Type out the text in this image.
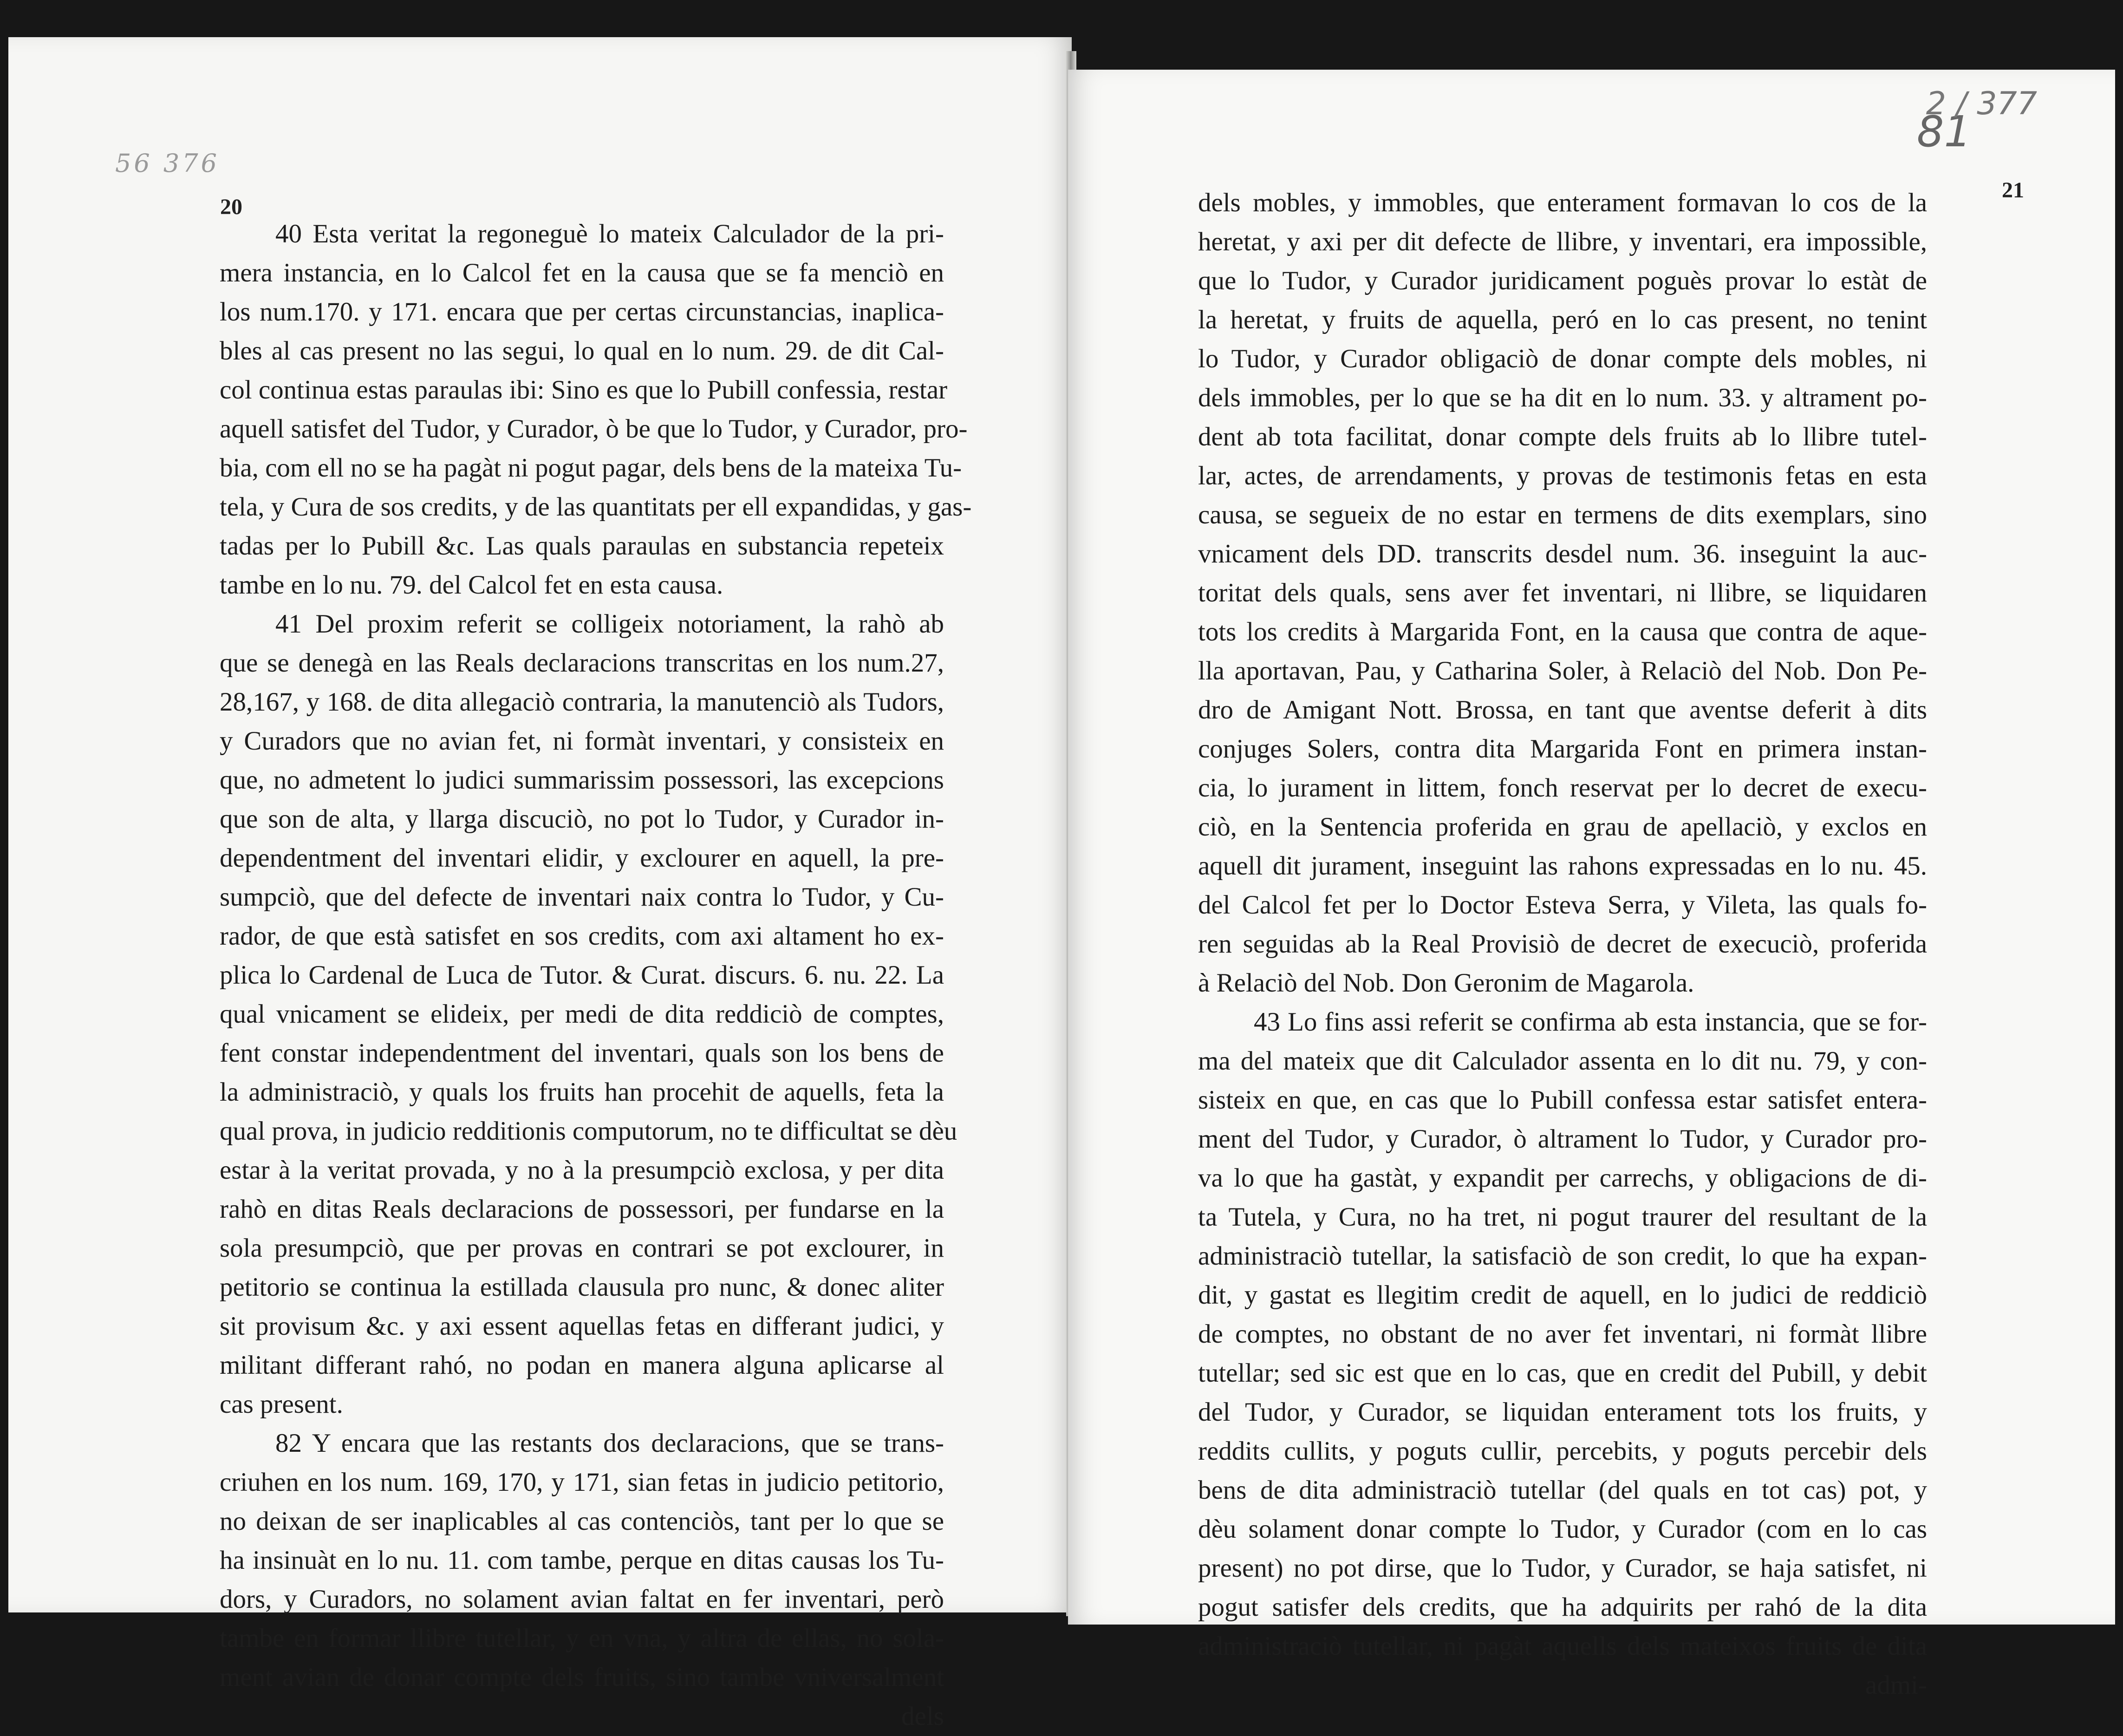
56 376
20
40 Esta veritat la regoneguè lo mateix Calculador de la pri-
mera instancia, en lo Calcol fet en la causa que se fa menciò en
los num.170. y 171. encara que per certas circunstancias, inaplica-
bles al cas present no las segui, lo qual en lo num. 29. de dit Cal-
col continua estas paraulas ibi: Sino es que lo Pubill confessia, restar
aquell satisfet del Tudor, y Curador, ò be que lo Tudor, y Curador, pro-
bia, com ell no se ha pagàt ni pogut pagar, dels bens de la mateixa Tu-
tela, y Cura de sos credits, y de las quantitats per ell expandidas, y gas-
tadas per lo Pubill &c. Las quals paraulas en substancia repeteix
tambe en lo nu. 79. del Calcol fet en esta causa.
41 Del proxim referit se colligeix notoriament, la rahò ab
que se denegà en las Reals declaracions transcritas en los num.27,
28,167, y 168. de dita allegaciò contraria, la manutenciò als Tudors,
y Curadors que no avian fet, ni formàt inventari, y consisteix en
que, no admetent lo judici summarissim possessori, las excepcions
que son de alta, y llarga discuciò, no pot lo Tudor, y Curador in-
dependentment del inventari elidir, y exclourer en aquell, la pre-
sumpciò, que del defecte de inventari naix contra lo Tudor, y Cu-
rador, de que està satisfet en sos credits, com axi altament ho ex-
plica lo Cardenal de Luca de Tutor. & Curat. discurs. 6. nu. 22. La
qual vnicament se elideix, per medi de dita reddiciò de comptes,
fent constar independentment del inventari, quals son los bens de
la administraciò, y quals los fruits han procehit de aquells, feta la
qual prova, in judicio redditionis computorum, no te difficultat se dèu
estar à la veritat provada, y no à la presumpciò exclosa, y per dita
rahò en ditas Reals declaracions de possessori, per fundarse en la
sola presumpciò, que per provas en contrari se pot exclourer, in
petitorio se continua la estillada clausula pro nunc, & donec aliter
sit provisum &c. y axi essent aquellas fetas en differant judici, y
militant differant rahó, no podan en manera alguna aplicarse al
cas present.
82 Y encara que las restants dos declaracions, que se trans-
criuhen en los num. 169, 170, y 171, sian fetas in judicio petitorio,
no deixan de ser inaplicables al cas contenciòs, tant per lo que se
ha insinuàt en lo nu. 11. com tambe, perque en ditas causas los Tu-
dors, y Curadors, no solament avian faltat en fer inventari, però
tambe en formar llibre tutellar, y en vna, y altra de ellas, no sola-
ment avian de donar compte dels fruits, sino tambe vniversalment
dels
81
2 / 377
21
dels mobles, y immobles, que enterament formavan lo cos de la
heretat, y axi per dit defecte de llibre, y inventari, era impossible,
que lo Tudor, y Curador juridicament poguès provar lo estàt de
la heretat, y fruits de aquella, peró en lo cas present, no tenint
lo Tudor, y Curador obligaciò de donar compte dels mobles, ni
dels immobles, per lo que se ha dit en lo num. 33. y altrament po-
dent ab tota facilitat, donar compte dels fruits ab lo llibre tutel-
lar, actes, de arrendaments, y provas de testimonis fetas en esta
causa, se segueix de no estar en termens de dits exemplars, sino
vnicament dels DD. transcrits desdel num. 36. inseguint la auc-
toritat dels quals, sens aver fet inventari, ni llibre, se liquidaren
tots los credits à Margarida Font, en la causa que contra de aque-
lla aportavan, Pau, y Catharina Soler, à Relaciò del Nob. Don Pe-
dro de Amigant Nott. Brossa, en tant que aventse deferit à dits
conjuges Solers, contra dita Margarida Font en primera instan-
cia, lo jurament in littem, fonch reservat per lo decret de execu-
ciò, en la Sentencia proferida en grau de apellaciò, y exclos en
aquell dit jurament, inseguint las rahons expressadas en lo nu. 45.
del Calcol fet per lo Doctor Esteva Serra, y Vileta, las quals fo-
ren seguidas ab la Real Provisiò de decret de execuciò, proferida
à Relaciò del Nob. Don Geronim de Magarola.
43 Lo fins assi referit se confirma ab esta instancia, que se for-
ma del mateix que dit Calculador assenta en lo dit nu. 79, y con-
sisteix en que, en cas que lo Pubill confessa estar satisfet entera-
ment del Tudor, y Curador, ò altrament lo Tudor, y Curador pro-
va lo que ha gastàt, y expandit per carrechs, y obligacions de di-
ta Tutela, y Cura, no ha tret, ni pogut traurer del resultant de la
administraciò tutellar, la satisfaciò de son credit, lo que ha expan-
dit, y gastat es llegitim credit de aquell, en lo judici de reddiciò
de comptes, no obstant de no aver fet inventari, ni formàt llibre
tutellar; sed sic est que en lo cas, que en credit del Pubill, y debit
del Tudor, y Curador, se liquidan enterament tots los fruits, y
reddits cullits, y poguts cullir, percebits, y poguts percebir dels
bens de dita administraciò tutellar (del quals en tot cas) pot, y
dèu solament donar compte lo Tudor, y Curador (com en lo cas
present) no pot dirse, que lo Tudor, y Curador, se haja satisfet, ni
pogut satisfer dels credits, que ha adquirits per rahó de la dita
administraciò tutellar, ni pagàt aquells dels mateixos fruits de dita
admi-
